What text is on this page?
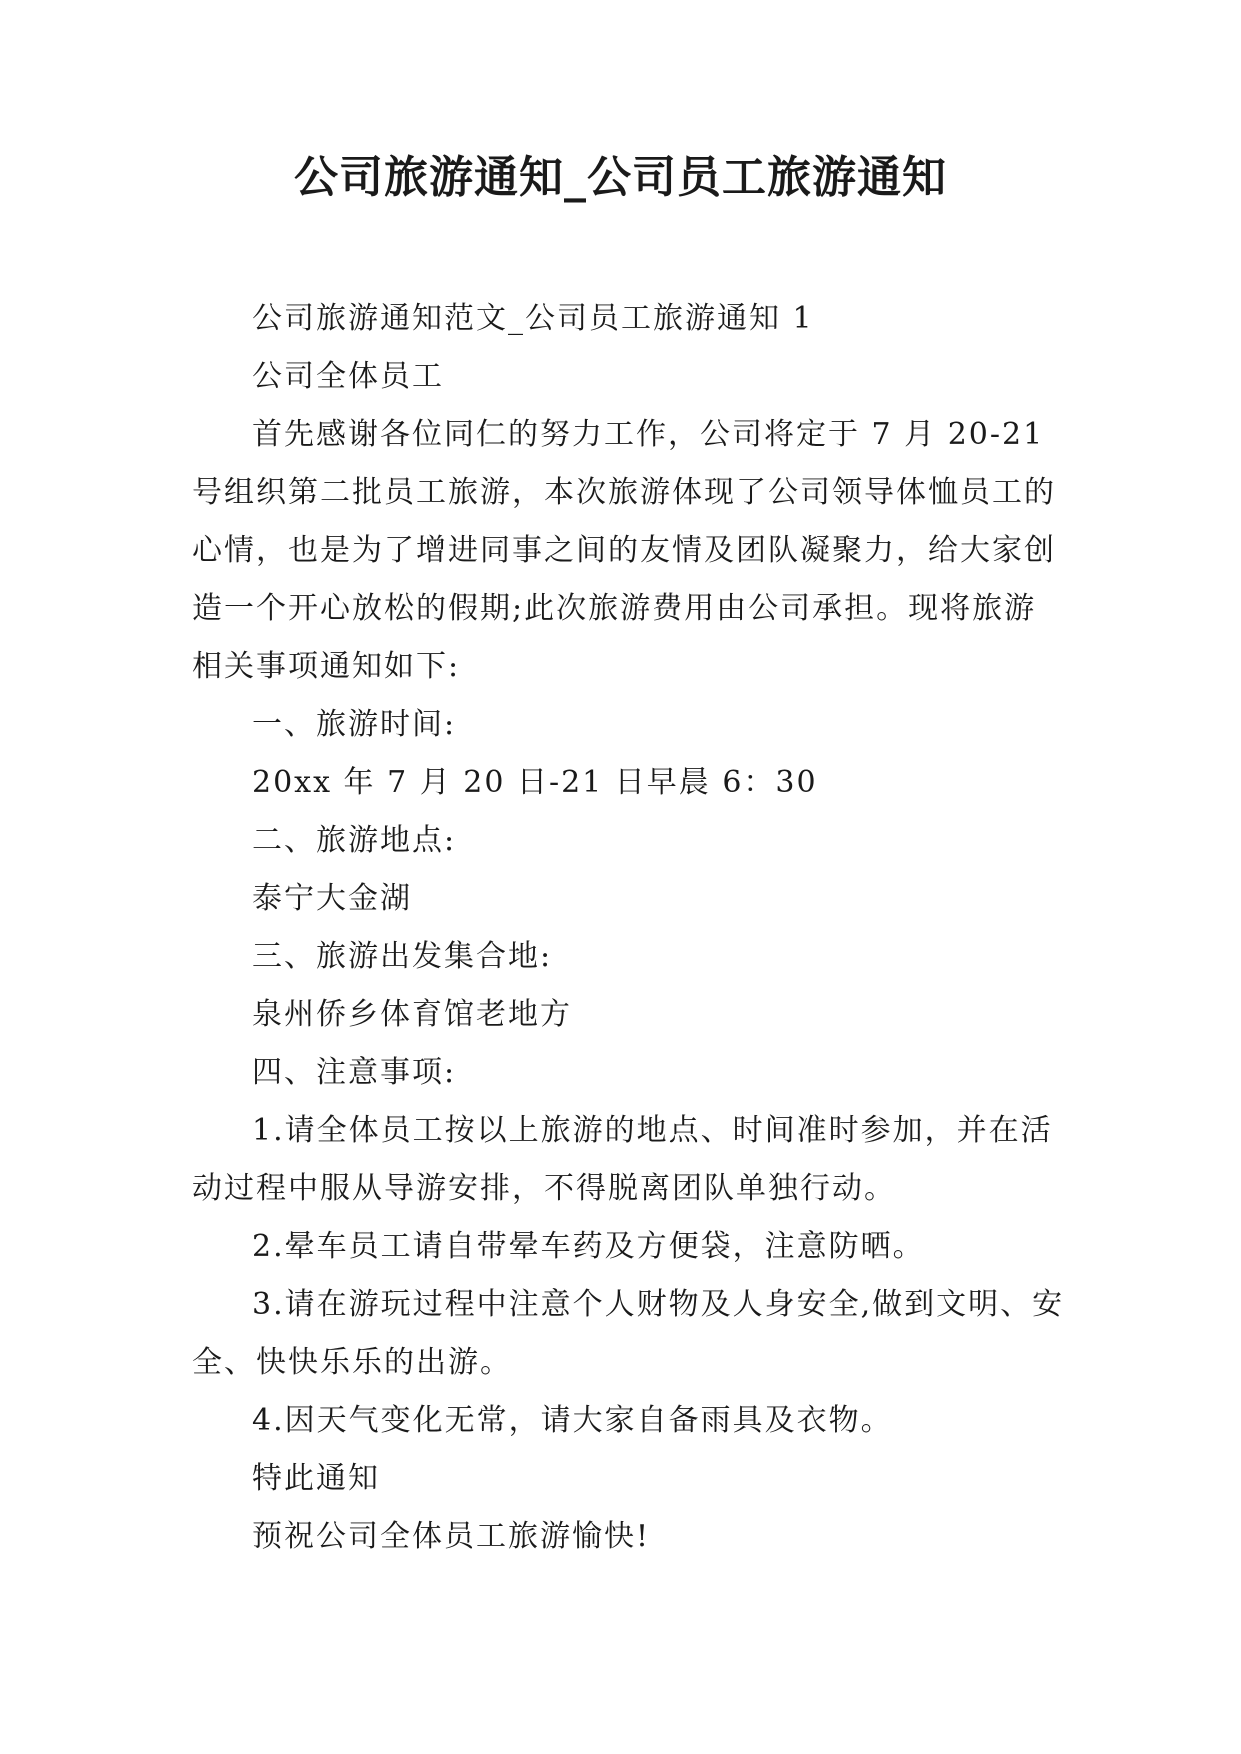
公司旅游通知_公司员工旅游通知

公司旅游通知范文_公司员工旅游通知 1

公司全体员工

首先感谢各位同仁的努力工作，公司将定于 7 月 20-21 号组织第二批员工旅游，本次旅游体现了公司领导体恤员工的心情，也是为了增进同事之间的友情及团队凝聚力，给大家创造一个开心放松的假期;此次旅游费用由公司承担。现将旅游相关事项通知如下:

一、旅游时间:

20xx 年 7 月 20 日-21 日早晨 6：30

二、旅游地点:

泰宁大金湖

三、旅游出发集合地:

泉州侨乡体育馆老地方

四、注意事项:

1.请全体员工按以上旅游的地点、时间准时参加，并在活动过程中服从导游安排，不得脱离团队单独行动。

2.晕车员工请自带晕车药及方便袋，注意防晒。

3.请在游玩过程中注意个人财物及人身安全,做到文明、安全、快快乐乐的出游。

4.因天气变化无常，请大家自备雨具及衣物。

特此通知

预祝公司全体员工旅游愉快!
